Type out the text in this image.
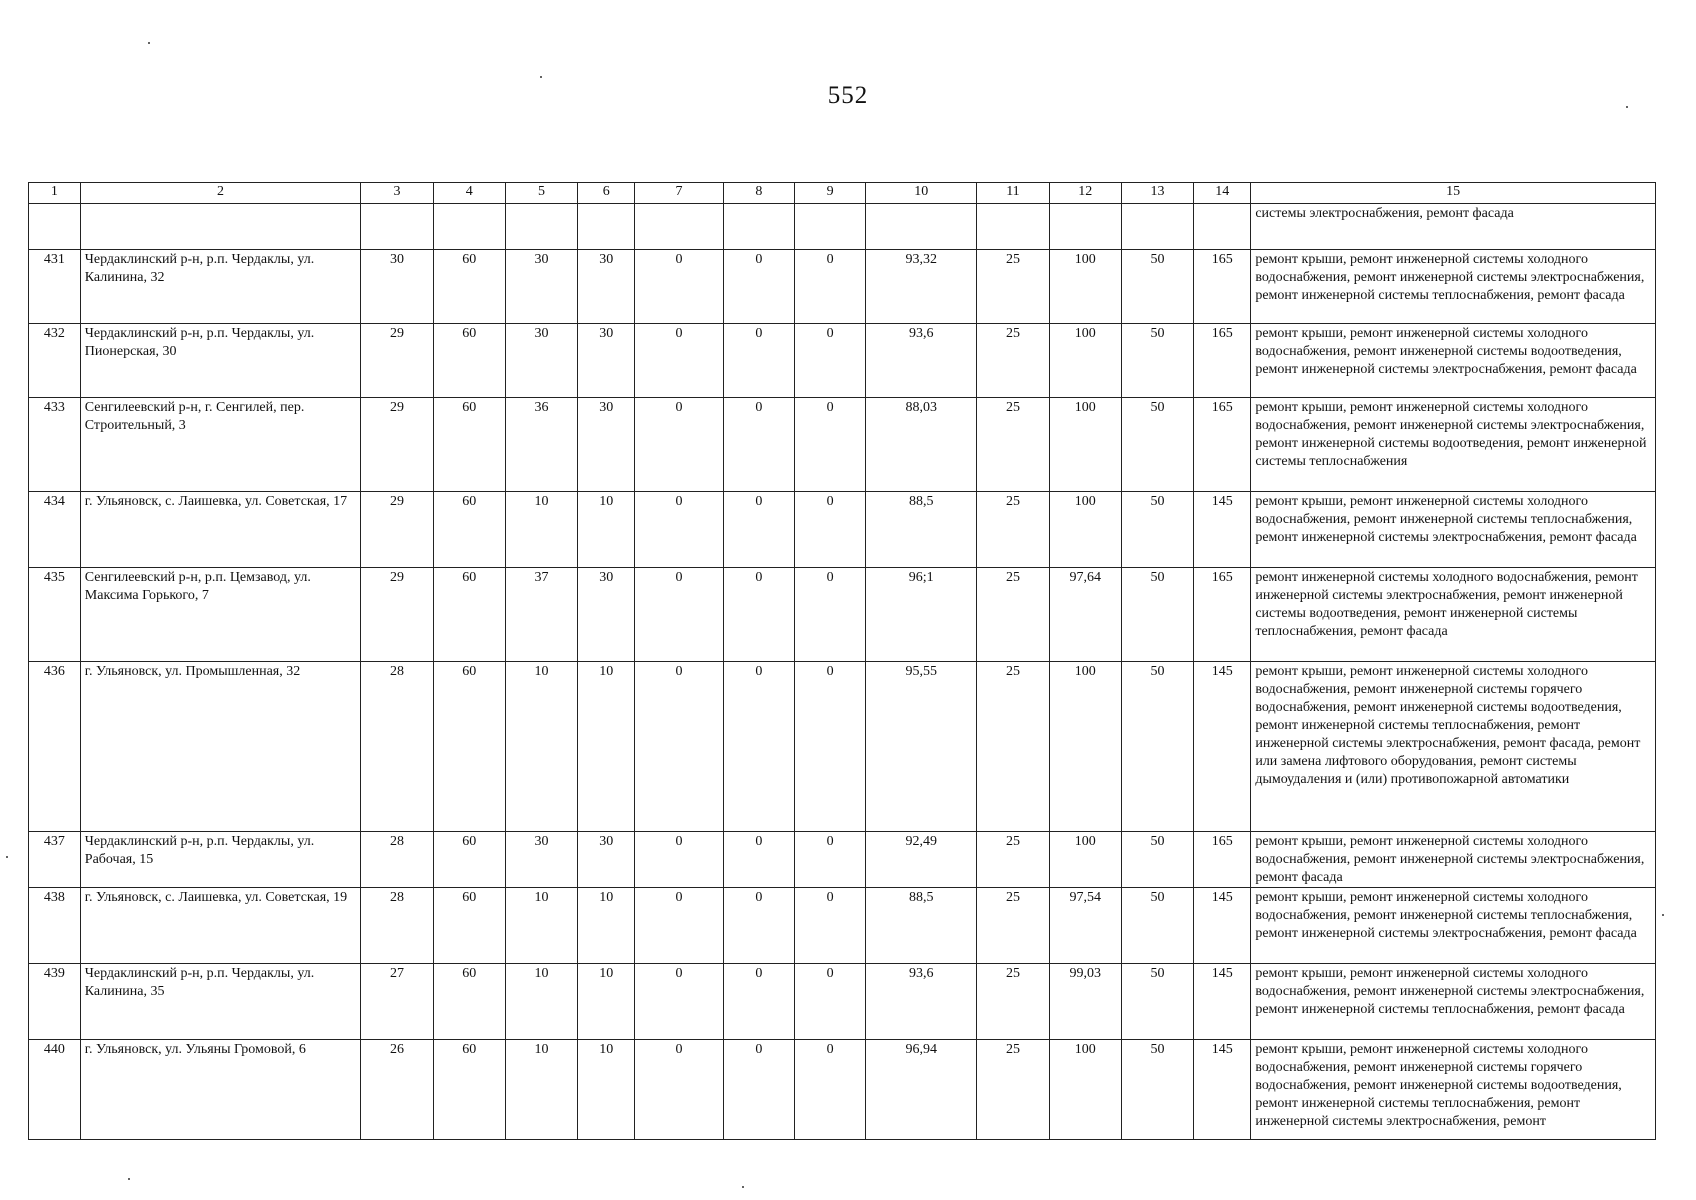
552
1	2	3	4	5	6	7	8	9	10	11	12	13	14	15
														системы электроснабжения, ремонт фасада
431	Чердаклинский р-н, р.п. Чердаклы, ул. Калинина, 32	30	60	30	30	0	0	0	93,32	25	100	50	165	ремонт крыши, ремонт инженерной системы холодного водоснабжения, ремонт инженерной системы электроснабжения, ремонт инженерной системы теплоснабжения, ремонт фасада
432	Чердаклинский р-н, р.п. Чердаклы, ул. Пионерская, 30	29	60	30	30	0	0	0	93,6	25	100	50	165	ремонт крыши, ремонт инженерной системы холодного водоснабжения, ремонт инженерной системы водоотведения, ремонт инженерной системы электроснабжения, ремонт фасада
433	Сенгилеевский р-н, г. Сенгилей, пер. Строительный, 3	29	60	36	30	0	0	0	88,03	25	100	50	165	ремонт крыши, ремонт инженерной системы холодного водоснабжения, ремонт инженерной системы электроснабжения, ремонт инженерной системы водоотведения, ремонт инженерной системы теплоснабжения
434	г. Ульяновск, с. Лаишевка, ул. Советская, 17	29	60	10	10	0	0	0	88,5	25	100	50	145	ремонт крыши, ремонт инженерной системы холодного водоснабжения, ремонт инженерной системы теплоснабжения, ремонт инженерной системы электроснабжения, ремонт фасада
435	Сенгилеевский р-н, р.п. Цемзавод, ул. Максима Горького, 7	29	60	37	30	0	0	0	96;1	25	97,64	50	165	ремонт инженерной системы холодного водоснабжения, ремонт инженерной системы электроснабжения, ремонт инженерной системы водоотведения, ремонт инженерной системы теплоснабжения, ремонт фасада
436	г. Ульяновск, ул. Промышленная, 32	28	60	10	10	0	0	0	95,55	25	100	50	145	ремонт крыши, ремонт инженерной системы холодного водоснабжения, ремонт инженерной системы горячего водоснабжения, ремонт инженерной системы водоотведения, ремонт инженерной системы теплоснабжения, ремонт инженерной системы электроснабжения, ремонт фасада, ремонт или замена лифтового оборудования, ремонт системы дымоудаления и (или) противопожарной автоматики
437	Чердаклинский р-н, р.п. Чердаклы, ул. Рабочая, 15	28	60	30	30	0	0	0	92,49	25	100	50	165	ремонт крыши, ремонт инженерной системы холодного водоснабжения, ремонт инженерной системы электроснабжения, ремонт фасада
438	г. Ульяновск, с. Лаишевка, ул. Советская, 19	28	60	10	10	0	0	0	88,5	25	97,54	50	145	ремонт крыши, ремонт инженерной системы холодного водоснабжения, ремонт инженерной системы теплоснабжения, ремонт инженерной системы электроснабжения, ремонт фасада
439	Чердаклинский р-н, р.п. Чердаклы, ул. Калинина, 35	27	60	10	10	0	0	0	93,6	25	99,03	50	145	ремонт крыши, ремонт инженерной системы холодного водоснабжения, ремонт инженерной системы электроснабжения, ремонт инженерной системы теплоснабжения, ремонт фасада
440	г. Ульяновск, ул. Ульяны Громовой, 6	26	60	10	10	0	0	0	96,94	25	100	50	145	ремонт крыши, ремонт инженерной системы холодного водоснабжения, ремонт инженерной системы горячего водоснабжения, ремонт инженерной системы водоотведения, ремонт инженерной системы теплоснабжения, ремонт инженерной системы электроснабжения, ремонт
